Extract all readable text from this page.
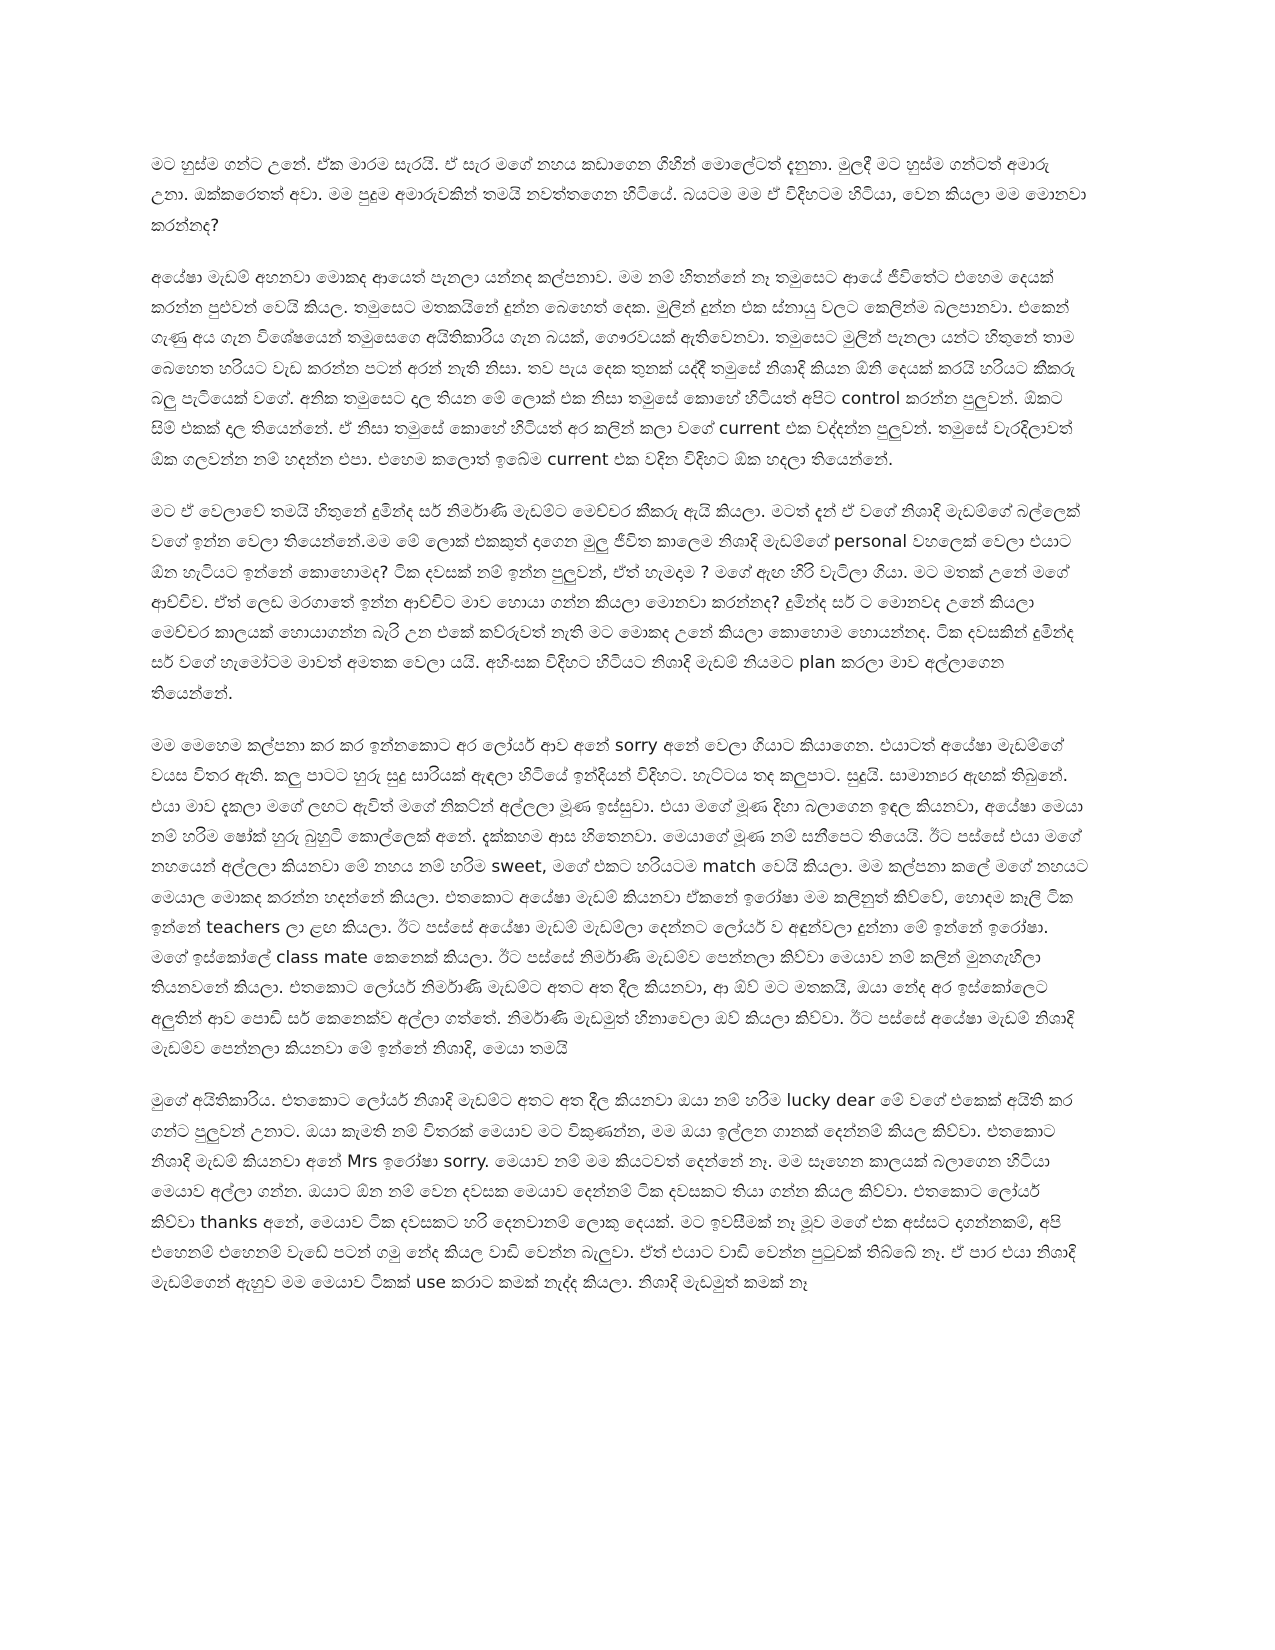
මට හුස්ම ගන්ට උනේ. ඒක මාරම සැරයි. ඒ සැර මගේ නහය කඩාගෙන ගිහින් මොලේටත් දැනුනා. මුලදී මට හුස්ම ගන්ටත් අමාරු උනා. ඔක්කරෙතත් අවා. මම පුදුම අමාරුවකින් තමයි නවත්තගෙන හිටියේ. බයටම මම ඒ විදිහටම හිටියා, වෙන කියලා මම මොනවා කරන්නද?

අයේෂා මැඩම් අහනවා මොකද ආයෙත් පැනලා යන්නද කල්පනාව. මම නම් හිතන්නේ නෑ තමුසෙට ආයේ ජීවිතේට එහෙම දෙයක් කරන්න පුළුවන් වෙයි කියල. තමුසෙට මතකයිනේ දුන්න බෙහෙත් දෙක. මුලින් දුන්න එක ස්නායු වලට කෙලින්ම බලපානවා. එකෙන් ගැණු අය ගැන විශේෂයෙන් තමුසෙගෙ අයිතිකාරිය ගැන බයක්, ගෞරවයක් ඇතිවෙනවා. තමුසෙට මුලින් පැනලා යන්ට හිතුනේ තාම බෙහෙත හරියට වැඩ කරන්න පටන් අරන් නැති නිසා. තව පැය දෙක තුනක් යද්දී තමුසේ නිශාදි කියන ඕනි දෙයක් කරයි හරියට කීකරු බලු පැටියෙක් වගේ. අනික තමුසෙට දාල තියන මේ ලොක් එක නිසා තමුසේ කොහේ හිටියත් අපිට control කරන්න පුලුවන්. ඕකට සිම් එකක් දාල තියෙන්නේ. ඒ නිසා තමුසේ කොහේ හිටියත් අර කලින් කලා වගේ current එක වද්දන්න පුලුවන්. තමුසේ වැරදිලාවත් ඕක ගලවන්න නම් හදන්න එපා. එහෙම කලොත් ඉබේම current එක වදින විදිහට ඕක හදලා තියෙන්නේ.

මට ඒ වෙලාවේ තමයි හිතුනේ දුමින්ද සර් නිර්මාණි මැඩම්ට මෙච්චර කීකරු ඇයි කියලා. මටත් දැන් ඒ වගේ නිශාදි මැඩම්ගේ බල්ලෙක් වගේ ඉන්න වෙලා තියෙන්නේ.මම මේ ලොක් එකකුත් දාගෙන මුලු ජීවිත කාලෙම නිශාදි මැඩම්ගේ personal වහලෙක් වෙලා එයාට ඕන හැටියට ඉන්නේ කොහොමද? ටික දවසක් නම් ඉන්න පුලුවන්, ඒත් හැමදාම ? මගේ ඇඟ හිරි වැටිලා ගියා. මට මතක් උනේ මගේ ආච්චිව. ඒත් ලෙඩ මරගාතේ ඉන්න ආච්චිට මාව හොයා ගන්න කියලා මොනවා කරන්නද? දුමින්ද සර් ට මොනවද උනේ කියලා මෙච්චර කාලයක් හොයාගන්න බැරි උන එකේ කව්රුවත් නැති මට මොකද උනේ කියලා කොහොම හොයන්නද. ටික දවසකින් දුමින්ද සර් වගේ හැමෝටම මාවත් අමතක වෙලා යයි. අහිංසක විදිහට හිටියට නිශාදි මැඩම් නියමට plan කරලා මාව අල්ලාගෙන තියෙන්නේ.

මම මෙහෙම කල්පනා කර කර ඉන්නකොට අර ලෝයර් ආව අනේ sorry අනේ වෙලා ගියාට කියාගෙන. එයාටත් අයේෂා මැඩම්ගේ වයස විතර ඇති. කලු පාටට හුරු සුදු සාරියක් ඇඳලා හිටියේ ඉන්දියන් විදිහට. හැට්ටය තද කලුපාට. සුදුයි. සාමාන්‍යර ඇඟක් තිබුනේ. එයා මාව දැකලා මගේ ලඟට ඇවිත් මගේ නිකට්න් අල්ලලා මූණ ඉස්සුවා. එයා මගේ මූණ දිහා බලාගෙන ඉඳල කියනවා, අයේෂා මෙයා නම් හරිම ෂෝක් හුරු බුහුටි කොල්ලෙක් අනේ. දැක්කහම ආස හිතෙනවා. මෙයාගේ මූණ නම් සනීපෙට තියෙයි. ඊට පස්සේ එයා මගේ නහයෙන් අල්ලලා කියනවා මේ නහය නම් හරිම sweet, මගේ එකට හරියටම match වෙයි කියලා. මම කල්පනා කලේ මගේ නහයට මෙයාල මොකද කරන්න හදන්නේ කියලා. එතකොට අයේෂා මැඩම් කියනවා ඒකනේ ඉරෝෂා මම කලිනුත් කිව්වේ, හොදම කෑලි ටික ඉන්නේ teachers ලා ළඟ කියලා. ඊට පස්සේ අයේෂා මැඩම් මැඩම්ලා දෙන්නට ලෝයර් ව අඳුන්වලා දුන්නා මේ ඉන්නේ ඉරෝෂා. මගේ ඉස්කෝලේ class mate කෙනෙක් කියලා. ඊට පස්සේ නිර්මාණි මැඩම්ව පෙන්නලා කිව්වා මෙයාව නම් කලින් මුනගැහිලා තියනවනේ කියලා. එතකොට ලෝයර් නිර්මාණි මැඩම්ට අතට අත දීල කියනවා, ආ ඕව් මට මතකයි, ඔයා නේද අර ඉස්කෝලෙට අලුතින් ආව පොඩි සර් කෙනෙක්ව අල්ලා ගත්තේ. නිර්මාණි මැඩමුත් හිනාවෙලා ඔව් කියලා කිව්වා. ඊට පස්සේ අයේෂා මැඩම් නිශාදි මැඩම්ව පෙන්නලා කියනවා මේ ඉන්නේ නිශාදි, මෙයා තමයි

මුගේ අයිතිකාරිය. එතකොට ලෝයර් නිශාදි මැඩම්ට අතට අත දීල කියනවා ඔයා නම් හරිම lucky dear මේ වගේ එකෙක් අයිති කර ගන්ට පුලුවන් උනාට. ඔයා කැමති නම් විතරක් මෙයාව මට විකුණන්න, මම ඔයා ඉල්ලන ගානක් දෙන්නම් කියල කිව්වා. එතකොට නිශාදි මැඩම් කියනවා අනේ Mrs ඉරෝෂා sorry. මෙයාව නම් මම කියටවත් දෙන්නේ නෑ. මම සෑහෙන කාලයක් බලාගෙන හිටියා මෙයාව අල්ලා ගන්න. ඔයාට ඕන නම් වෙන දවසක මෙයාව දෙන්නම් ටික දවසකට තියා ගන්න කියල කිව්වා. එතකොට ලෝයර් කිව්වා thanks අනේ, මෙයාව ටික දවසකට හරි දෙනවානම් ලොකු දෙයක්. මට ඉවසීමක් නෑ මූව මගේ එක අස්සට දාගන්නකම්, අපි එහෙනම් එහෙනම් වැඩේ පටන් ගමු නේද කියල වාඩි වෙන්න බැලුවා. ඒත් එයාට වාඩි වෙන්න පුටුවක් තිබ්බේ නෑ. ඒ පාර එයා නිශාදි මැඩම්ගෙන් ඇහුව මම මෙයාව ටිකක් use කරාට කමක් නැද්ද කියලා. නිශාදි මැඩමුත් කමක් නෑ
